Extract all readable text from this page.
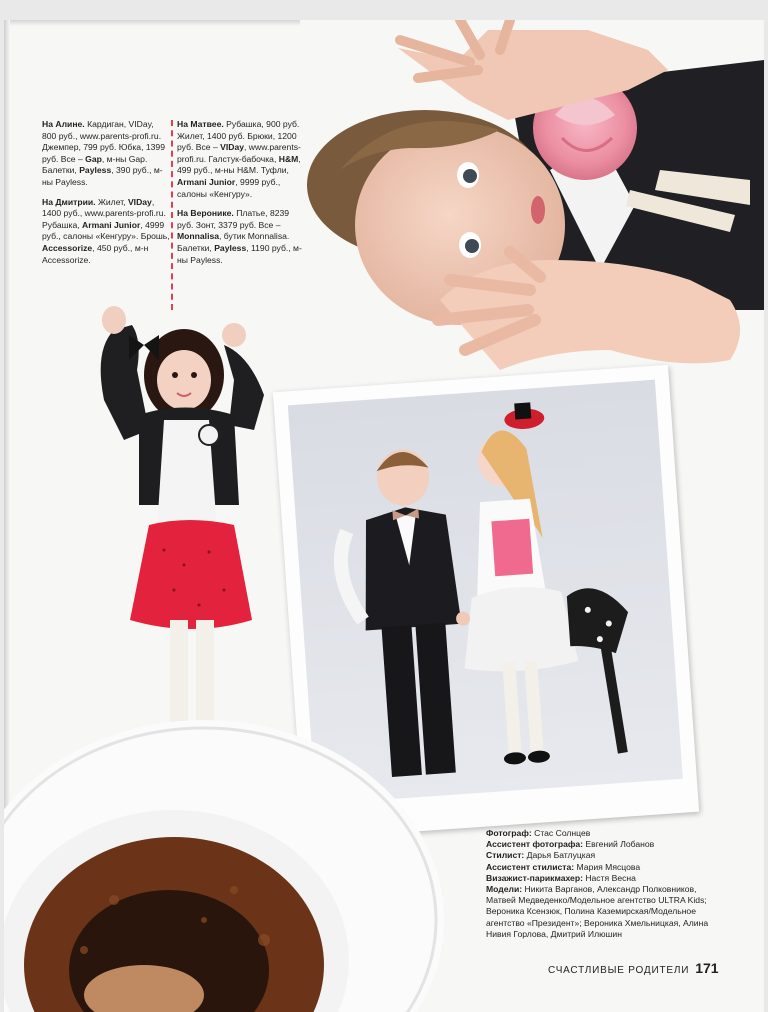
На Алине. Кардиган, VIDay, 800 руб., www.parents-profi.ru. Джемпер, 799 руб. Юбка, 1399 руб. Все – Gap, м-ны Gap. Балетки, Payless, 390 руб., м-ны Payless.

На Дмитрии. Жилет, VIDay, 1400 руб., www.parents-profi.ru. Рубашка, Armani Junior, 4999 руб., салоны «Кенгуру». Брошь, Accessorize, 450 руб., м-н Accessorize.

На Матвее. Рубашка, 900 руб. Жилет, 1400 руб. Брюки, 1200 руб. Все – VIDay, www.parents-profi.ru. Галстук-бабочка, H&M, 499 руб., м-ны H&M. Туфли, Armani Junior, 9999 руб., салоны «Кенгуру».

На Веронике. Платье, 8239 руб. Зонт, 3379 руб. Все – Monnalisa, бутик Monnalisa. Балетки, Payless, 1190 руб., м-ны Payless.

Фотограф: Стас Солнцев

Ассистент фотографа: Евгений Лобанов

Стилист: Дарья Батлуцкая

Ассистент стилиста: Мария Мясцова

Визажист-парикмахер: Настя Весна

Модели: Никита Варганов, Александр Полковников, Матвей Медведенко/Модельное агентство ULTRA Kids; Вероника Ксензюк, Полина Каземирская/Модельное агентство «Президент»; Вероника Хмельницкая, Алина Нивия Горлова, Дмитрий Илюшин

СЧАСТЛИВЫЕ РОДИТЕЛИ 171
